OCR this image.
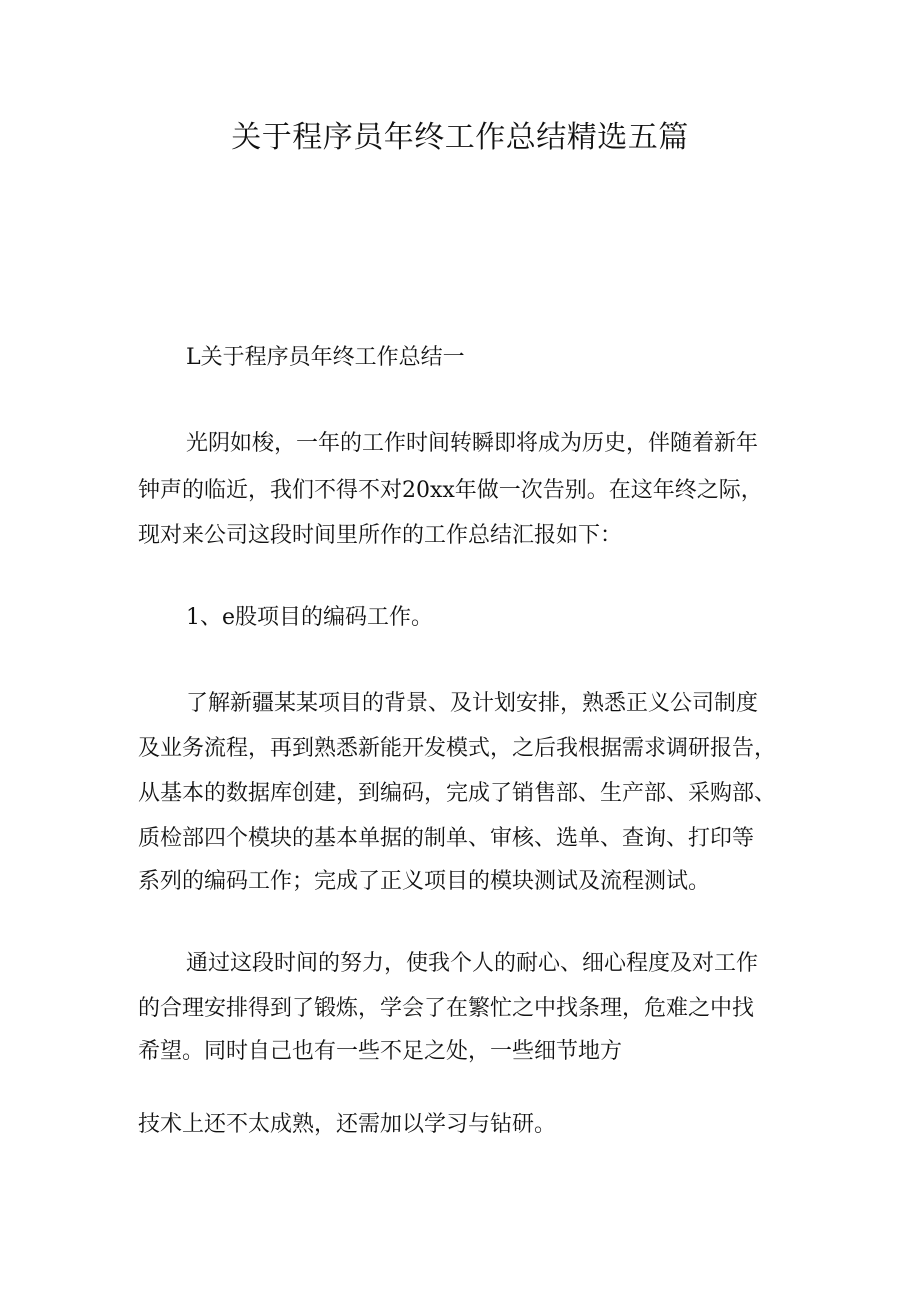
关于程序员年终工作总结精选五篇
L关于程序员年终工作总结一
光阴如梭，一年的工作时间转瞬即将成为历史，伴随着新年
钟声的临近，我们不得不对20xx年做一次告别。在这年终之际，
现对来公司这段时间里所作的工作总结汇报如下：
1、e股项目的编码工作。
了解新疆某某项目的背景、及计划安排，熟悉正义公司制度
及业务流程，再到熟悉新能开发模式，之后我根据需求调研报告，
从基本的数据库创建，到编码，完成了销售部、生产部、采购部、
质检部四个模块的基本单据的制单、审核、选单、查询、打印等
系列的编码工作；完成了正义项目的模块测试及流程测试。
通过这段时间的努力，使我个人的耐心、细心程度及对工作
的合理安排得到了锻炼，学会了在繁忙之中找条理，危难之中找
希望。同时自己也有一些不足之处，一些细节地方
技术上还不太成熟，还需加以学习与钻研。
